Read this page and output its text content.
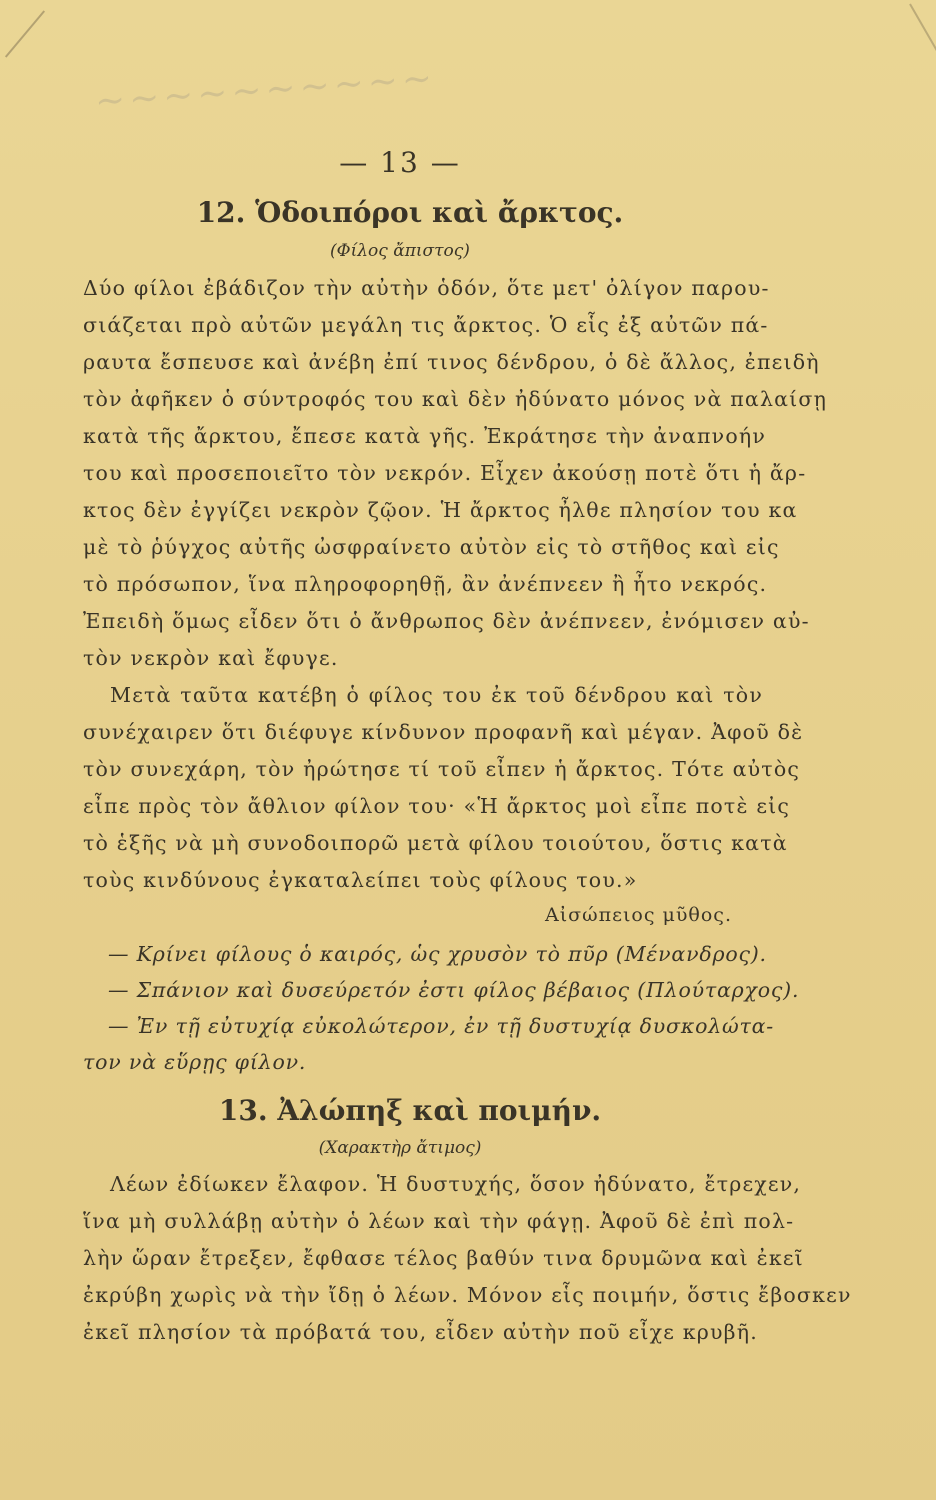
~~~~~~~~~~
— 13 —
12. Ὁδοιπόροι καὶ ἄρκτος.
(Φίλος ἄπιστος)
Δύο φίλοι ἐβάδιζον τὴν αὐτὴν ὁδόν, ὅτε μετ' ὀλίγον παρου-
σιάζεται πρὸ αὐτῶν μεγάλη τις ἄρκτος. Ὁ εἷς ἐξ αὐτῶν πά-
ραυτα ἔσπευσε καὶ ἀνέβη ἐπί τινος δένδρου, ὁ δὲ ἄλλος, ἐπειδὴ
τὸν ἀφῆκεν ὁ σύντροφός του καὶ δὲν ἠδύνατο μόνος νὰ παλαίσῃ
κατὰ τῆς ἄρκτου, ἔπεσε κατὰ γῆς. Ἐκράτησε τὴν ἀναπνοήν
του καὶ προσεποιεῖτο τὸν νεκρόν. Εἶχεν ἀκούσῃ ποτὲ ὅτι ἡ ἄρ-
κτος δὲν ἐγγίζει νεκρὸν ζῷον. Ἡ ἄρκτος ἦλθε πλησίον του κα
μὲ τὸ ῥύγχος αὐτῆς ὠσφραίνετο αὐτὸν εἰς τὸ στῆθος καὶ εἰς
τὸ πρόσωπον, ἵνα πληροφορηθῇ, ἂν ἀνέπνεεν ἢ ἦτο νεκρός.
Ἐπειδὴ ὅμως εἶδεν ὅτι ὁ ἄνθρωπος δὲν ἀνέπνεεν, ἐνόμισεν αὐ-
τὸν νεκρὸν καὶ ἔφυγε.
Μετὰ ταῦτα κατέβη ὁ φίλος του ἐκ τοῦ δένδρου καὶ τὸν
συνέχαιρεν ὅτι διέφυγε κίνδυνον προφανῆ καὶ μέγαν. Ἀφοῦ δὲ
τὸν συνεχάρη, τὸν ἠρώτησε τί τοῦ εἶπεν ἡ ἄρκτος. Τότε αὐτὸς
εἶπε πρὸς τὸν ἄθλιον φίλον του· «Ἡ ἄρκτος μοὶ εἶπε ποτὲ εἰς
τὸ ἑξῆς νὰ μὴ συνοδοιπορῶ μετὰ φίλου τοιούτου, ὅστις κατὰ
τοὺς κινδύνους ἐγκαταλείπει τοὺς φίλους του.»
Αἰσώπειος μῦθος.
— Κρίνει φίλους ὁ καιρός, ὡς χρυσὸν τὸ πῦρ (Μένανδρος).
— Σπάνιον καὶ δυσεύρετόν ἐστι φίλος βέβαιος (Πλούταρχος).
— Ἐν τῇ εὐτυχίᾳ εὐκολώτερον, ἐν τῇ δυστυχίᾳ δυσκολώτα-
τον νὰ εὕρῃς φίλον.
13. Ἀλώπηξ καὶ ποιμήν.
(Χαρακτὴρ ἄτιμος)
Λέων ἐδίωκεν ἔλαφον. Ἡ δυστυχής, ὅσον ἠδύνατο, ἔτρεχεν,
ἵνα μὴ συλλάβῃ αὐτὴν ὁ λέων καὶ τὴν φάγῃ. Ἀφοῦ δὲ ἐπὶ πολ-
λὴν ὥραν ἔτρεξεν, ἔφθασε τέλος βαθύν τινα δρυμῶνα καὶ ἐκεῖ
ἐκρύβη χωρὶς νὰ τὴν ἴδῃ ὁ λέων. Μόνον εἷς ποιμήν, ὅστις ἔβοσκεν
ἐκεῖ πλησίον τὰ πρόβατά του, εἶδεν αὐτὴν ποῦ εἶχε κρυβῆ.
